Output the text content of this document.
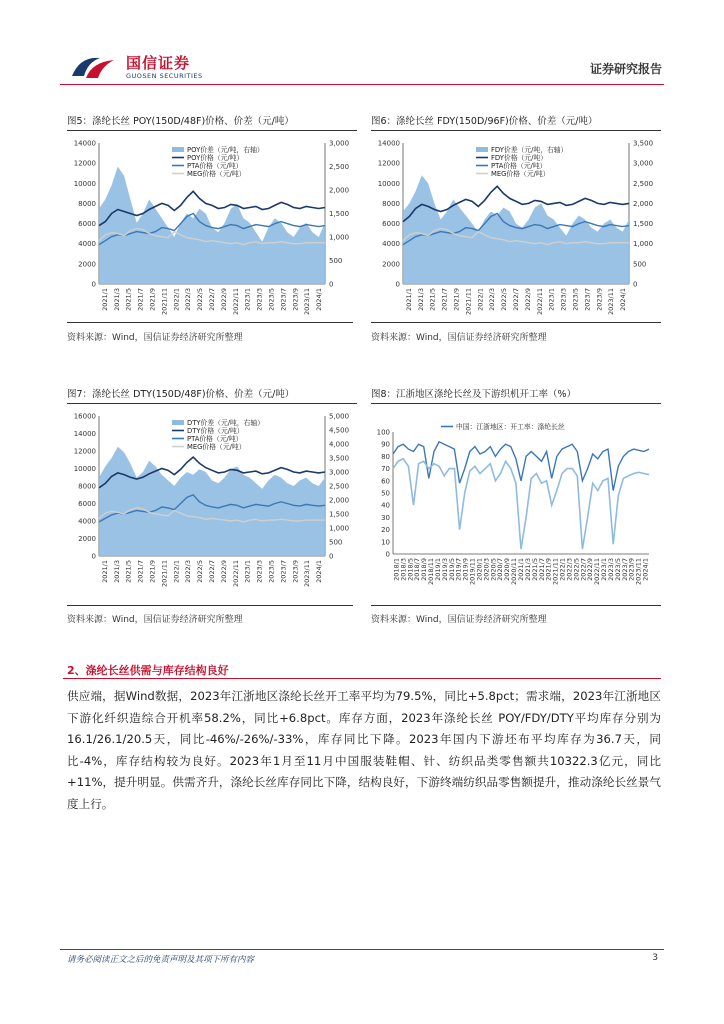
国信证券
GUOSEN SECURITIES	证券研究报告
图5：涤纶长丝 POY(150D/48F)价格、价差（元/吨）
0
2000
4000
6000
8000
10000
12000
14000
0
500
1,000
1,500
2,000
2,500
3,000
2021/1 2021/3 2021/5 2021/7 2021/9 2021/11 2022/1 2022/3 2022/5 2022/7 2022/9 2022/11 2023/1 2023/3 2023/5 2023/7 2023/9 2023/11 2024/1
POY价差（元/吨，右轴）
POY价格（元/吨）
PTA价格（元/吨）
MEG价格（元/吨）
资料来源：Wind，国信证券经济研究所整理
图6：涤纶长丝 FDY(150D/96F)价格、价差（元/吨）
0
2000
4000
6000
8000
10000
12000
14000
0
500
1,000
1,500
2,000
2,500
3,000
3,500
2021/1 2021/3 2021/5 2021/7 2021/9 2021/11 2022/1 2022/3 2022/5 2022/7 2022/9 2022/11 2023/1 2023/3 2023/5 2023/7 2023/9 2023/11 2024/1
FDY价差（元/吨，右轴）
FDY价格（元/吨）
PTA价格（元/吨）
MEG价格（元/吨）
资料来源：Wind，国信证券经济研究所整理
图7：涤纶长丝 DTY(150D/48F)价格、价差（元/吨）
0
2000
4000
6000
8000
10000
12000
14000
16000
0
500
1,000
1,500
2,000
2,500
3,000
3,500
4,000
4,500
5,000
2021/1 2021/3 2021/5 2021/7 2021/9 2021/11 2022/1 2022/3 2022/5 2022/7 2022/9 2022/11 2023/1 2023/3 2023/5 2023/7 2023/9 2023/11 2024/1
DTY价差（元/吨，右轴）
DTY价格（元/吨）
PTA价格（元/吨）
MEG价格（元/吨）
资料来源：Wind，国信证券经济研究所整理
图8：江浙地区涤纶长丝及下游织机开工率（%）
0
10
20
30
40
50
60
70
80
90
100
2018/1
2018/3
2018/5
2018/7
2018/9
2018/11
2019/1
2019/3
2019/5
2019/7
2019/9
2019/11
2020/1
2020/3
2020/5
2020/7
2020/9
2020/11
2021/1
2021/3
2021/5
2021/7
2021/9
2021/11
2022/1
2022/3
2022/5
2022/7
2022/9
2022/11
2023/1
2023/3
2023/5
2023/7
2023/9
2023/11
2024/1
中国：江浙地区：开工率：涤纶长丝
资料来源：Wind，国信证券经济研究所整理
2、涤纶长丝供需与库存结构良好
供应端，据Wind数据，2023年江浙地区涤纶长丝开工率平均为79.5%，同比+5.8pct；需求端，2023年江浙地区下游化纤织造综合开机率58.2%，同比+6.8pct。库存方面，2023年涤纶长丝 POY/FDY/DTY平均库存分别为16.1/26.1/20.5天，同比-46%/-26%/-33%，库存同比下降。2023年国内下游坯布平均库存为36.7天，同比-4%，库存结构较为良好。2023年1月至11月中国服装鞋帽、针、纺织品类零售额共10322.3亿元，同比+11%，提升明显。供需齐升，涤纶长丝库存同比下降，结构良好，下游终端纺织品零售额提升，推动涤纶长丝景气度上行。
请务必阅读正文之后的免责声明及其项下所有内容	3
